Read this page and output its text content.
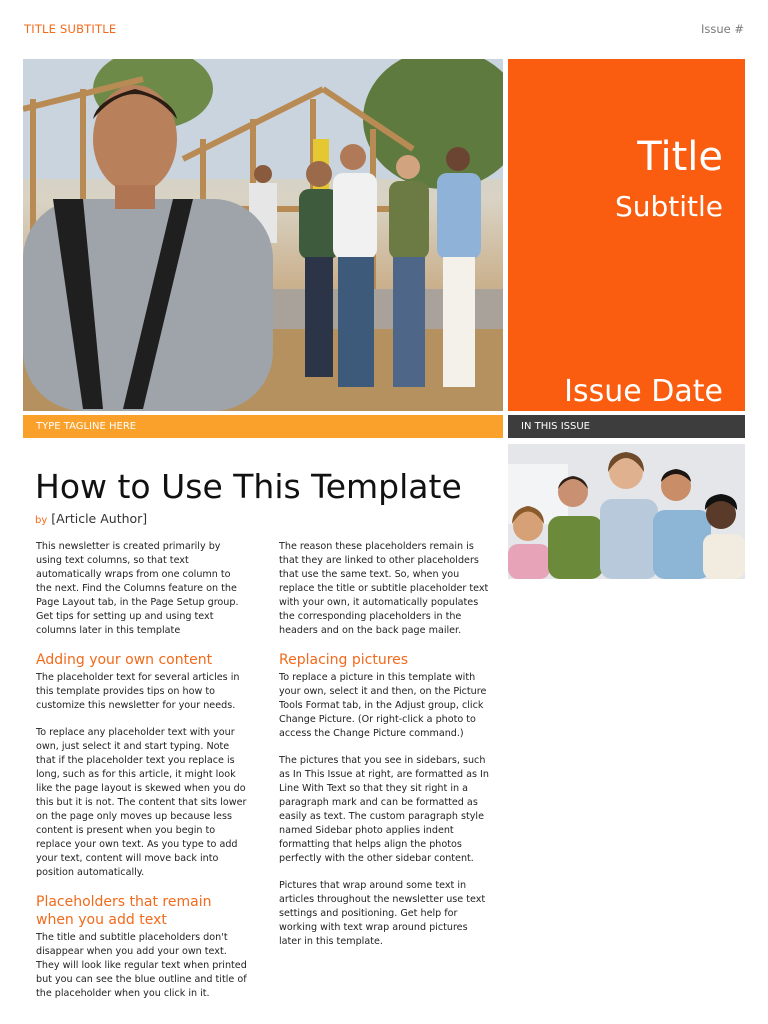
TITLE SUBTITLE	Issue #
Title
Subtitle
Issue Date
TYPE TAGLINE HERE	IN THIS ISSUE
How to Use This Template
by [Article Author]

This newsletter is created primarily by using text columns, so that text automatically wraps from one column to the next. Find the Columns feature on the Page Layout tab, in the Page Setup group. Get tips for setting up and using text columns later in this template

Adding your own content

The placeholder text for several articles in this template provides tips on how to customize this newsletter for your needs.

To replace any placeholder text with your own, just select it and start typing. Note that if the placeholder text you replace is long, such as for this article, it might look like the page layout is skewed when you do this but it is not. The content that sits lower on the page only moves up because less content is present when you begin to replace your own text. As you type to add your text, content will move back into position automatically.

Placeholders that remain when you add text

The title and subtitle placeholders don't disappear when you add your own text. They will look like regular text when printed but you can see the blue outline and title of the placeholder when you click in it.

The reason these placeholders remain is that they are linked to other placeholders that use the same text. So, when you replace the title or subtitle placeholder text with your own, it automatically populates the corresponding placeholders in the headers and on the back page mailer.

Replacing pictures

To replace a picture in this template with your own, select it and then, on the Picture Tools Format tab, in the Adjust group, click Change Picture. (Or right-click a photo to access the Change Picture command.)

The pictures that you see in sidebars, such as In This Issue at right, are formatted as In Line With Text so that they sit right in a paragraph mark and can be formatted as easily as text. The custom paragraph style named Sidebar photo applies indent formatting that helps align the photos perfectly with the other sidebar content.

Pictures that wrap around some text in articles throughout the newsletter use text settings and positioning. Get help for working with text wrap around pictures later in this template.
